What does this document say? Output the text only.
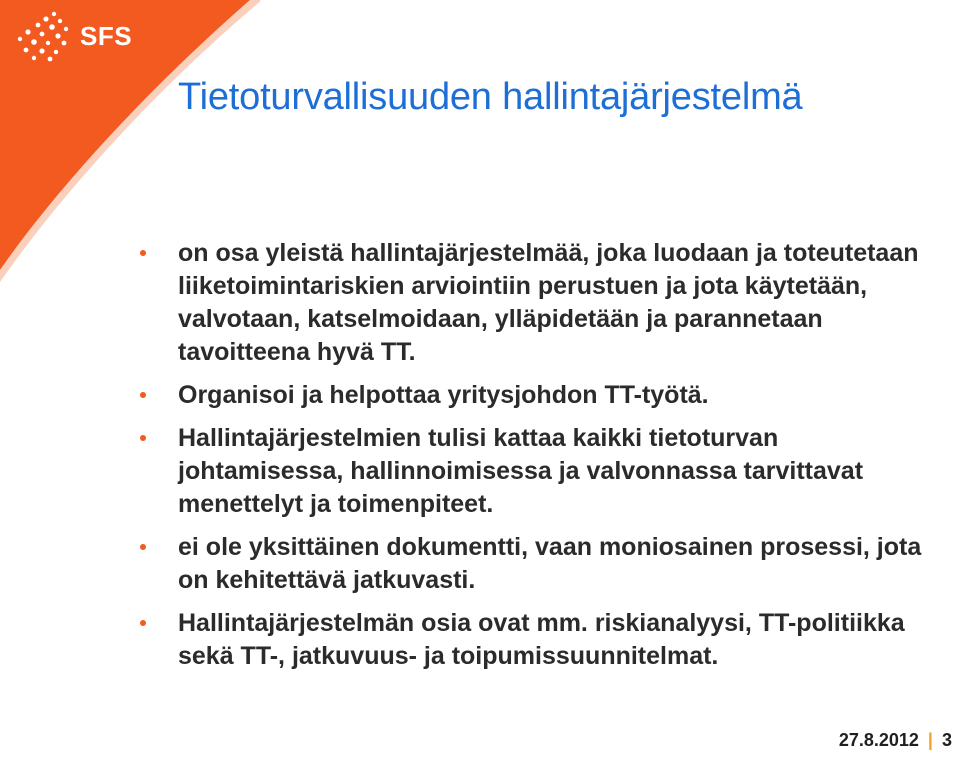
SFS
Tietoturvallisuuden hallintajärjestelmä
on osa yleistä hallintajärjestelmää, joka luodaan ja toteutetaan liiketoimintariskien arviointiin perustuen ja jota käytetään, valvotaan, katselmoidaan, ylläpidetään ja parannetaan tavoitteena hyvä TT.
Organisoi ja helpottaa yritysjohdon TT-työtä.
Hallintajärjestelmien tulisi kattaa kaikki tietoturvan johtamisessa, hallinnoimisessa ja valvonnassa tarvittavat menettelyt ja toimenpiteet.
ei ole yksittäinen dokumentti, vaan moniosainen prosessi, jota on kehitettävä jatkuvasti.
Hallintajärjestelmän osia ovat mm. riskianalyysi, TT-politiikka sekä TT-, jatkuvuus- ja toipumissuunnitelmat.
27.8.2012 | 3
